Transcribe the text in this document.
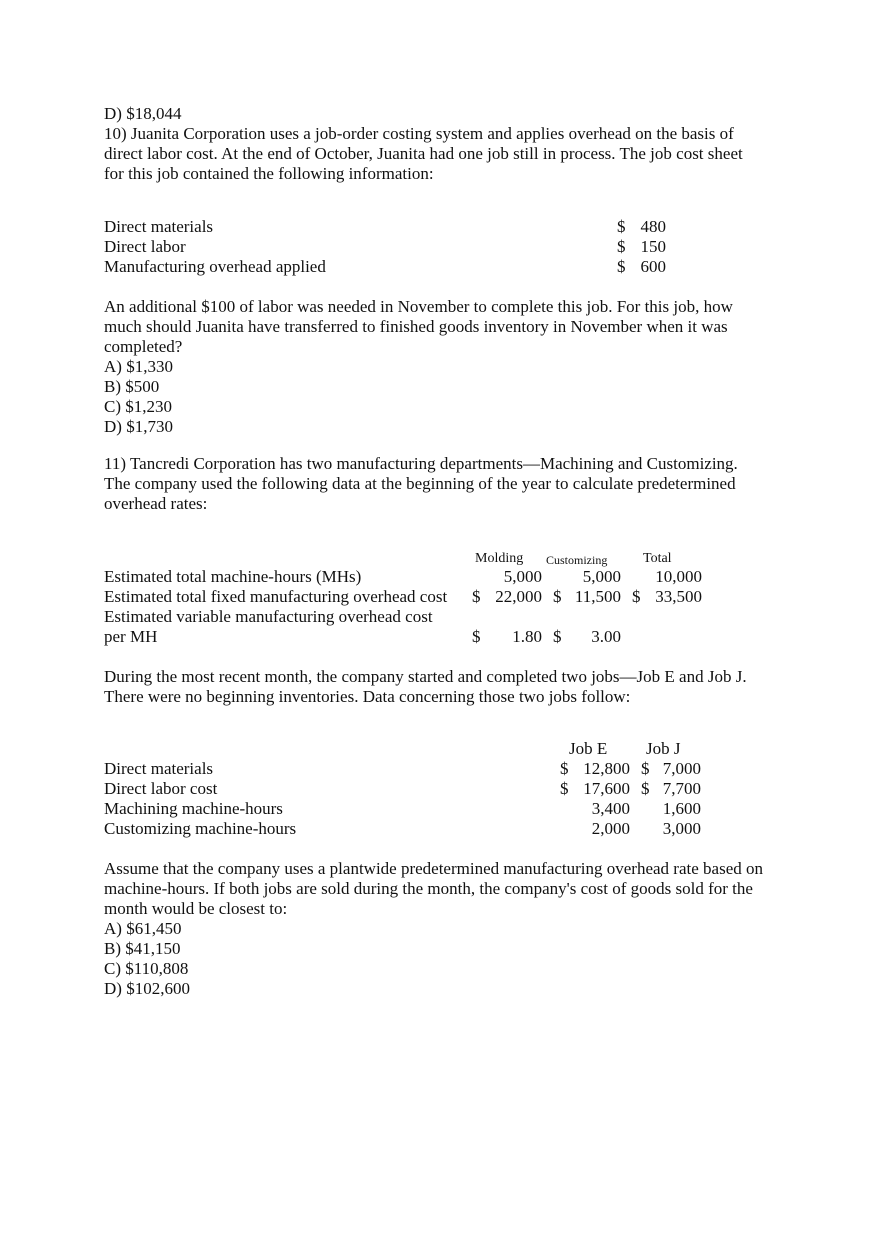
D) $18,044
10) Juanita Corporation uses a job-order costing system and applies overhead on the basis of
direct labor cost. At the end of October, Juanita had one job still in process. The job cost sheet
for this job contained the following information:
Direct materials	$ 480
Direct labor	$ 150
Manufacturing overhead applied	$ 600
An additional $100 of labor was needed in November to complete this job. For this job, how
much should Juanita have transferred to finished goods inventory in November when it was
completed?
A) $1,330
B) $500
C) $1,230
D) $1,730
11) Tancredi Corporation has two manufacturing departments—Machining and Customizing.
The company used the following data at the beginning of the year to calculate predetermined
overhead rates:
Molding Customizing	Total
Estimated total machine-hours (MHs)	5,000	5,000	10,000
Estimated total fixed manufacturing overhead cost $ 22,000 $ 11,500 $ 33,500
Estimated variable manufacturing overhead cost
per MH	$	1.80 $	3.00
During the most recent month, the company started and completed two jobs—Job E and Job J.
There were no beginning inventories. Data concerning those two jobs follow:
Job E Job J
Direct materials	$ 12,800 $ 7,000
Direct labor cost	$ 17,600 $ 7,700
Machining machine-hours	3,400	1,600
Customizing machine-hours	2,000	3,000
Assume that the company uses a plantwide predetermined manufacturing overhead rate based on
machine-hours. If both jobs are sold during the month, the company's cost of goods sold for the
month would be closest to:
A) $61,450
B) $41,150
C) $110,808
D) $102,600
